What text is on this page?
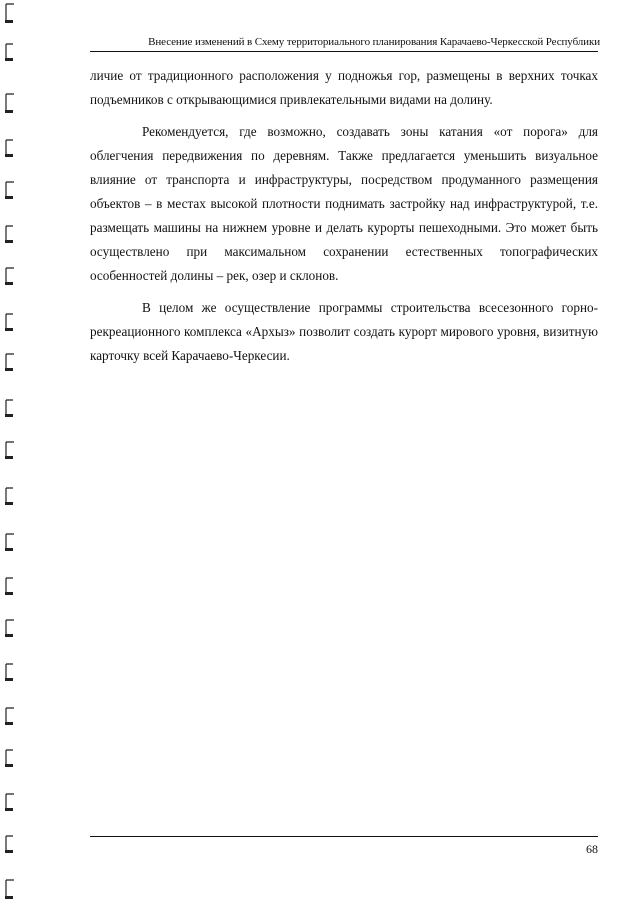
Внесение изменений в Схему территориального планирования Карачаево-Черкесской Республики

личие от традиционного расположения у подножья гор, размещены в верхних точках подъемников с открывающимися привлекательными видами на долину.

Рекомендуется, где возможно, создавать зоны катания «от порога» для облегчения передвижения по деревням. Также предлагается уменьшить визуальное влияние от транспорта и инфраструктуры, посредством продуманного размещения объектов – в местах высокой плотности поднимать застройку над инфраструктурой, т.е. размещать машины на нижнем уровне и делать курорты пешеходными. Это может быть осуществлено при максимальном сохранении естественных топографических особенностей долины – рек, озер и склонов.

В целом же осуществление программы строительства всесезонного горно-рекреационного комплекса «Архыз» позволит создать курорт мирового уровня, визитную карточку всей Карачаево-Черкесии.

68
